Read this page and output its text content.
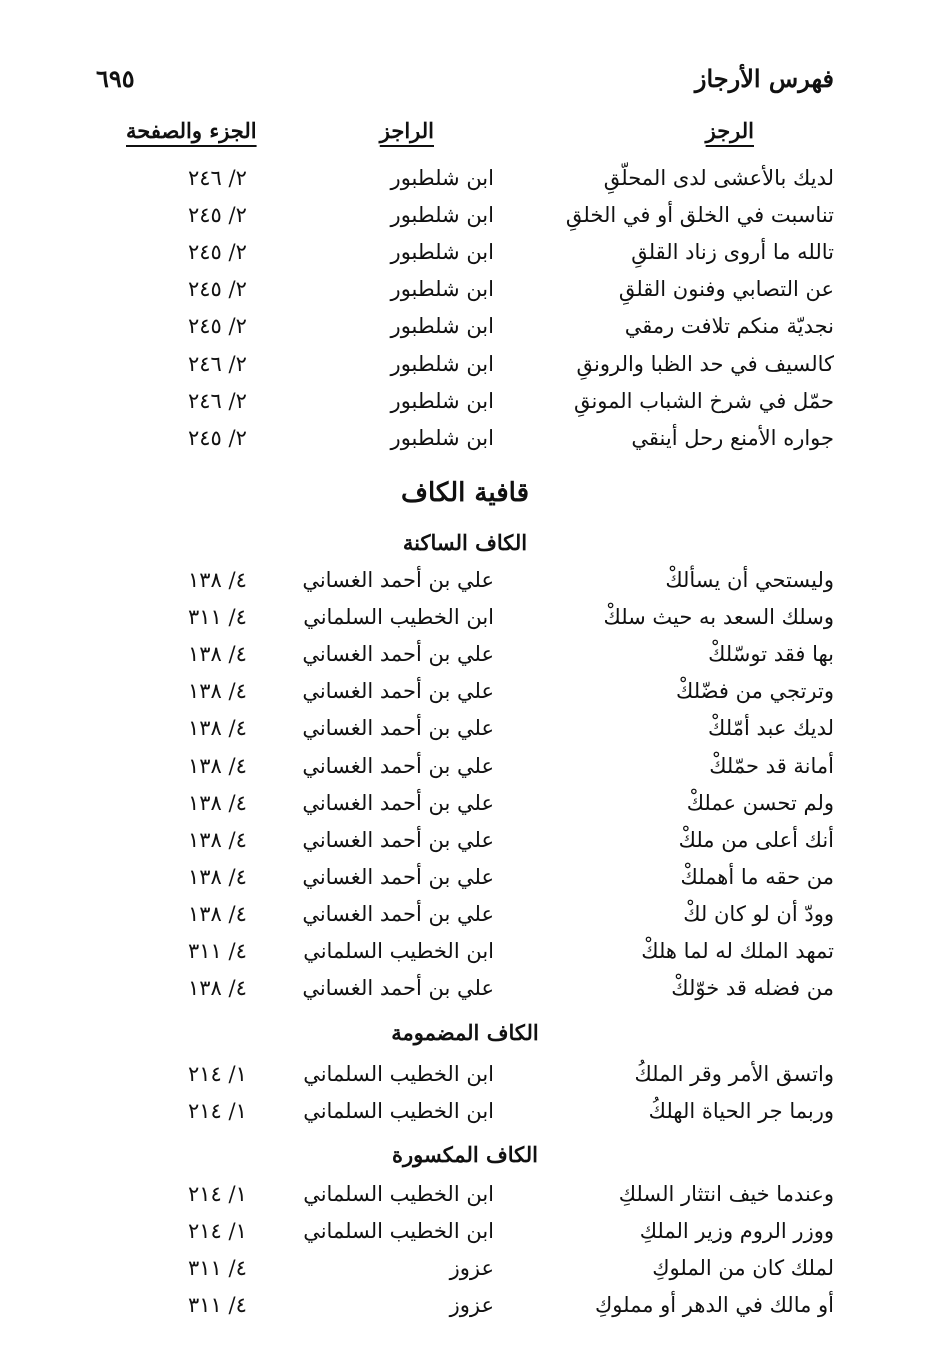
فهرس الأرجاز
٦٩٥
الرجز
الراجز
الجزء والصفحة
لديك بالأعشى لدى المحلّقِ
ابن شلطبور
٢/ ٢٤٦
تناسبت في الخلق أو في الخلقِ
ابن شلطبور
٢/ ٢٤٥
تالله ما أروى زناد القلقِ
ابن شلطبور
٢/ ٢٤٥
عن التصابي وفنون القلقِ
ابن شلطبور
٢/ ٢٤٥
نجديّة منكم تلافت رمقي
ابن شلطبور
٢/ ٢٤٥
كالسيف في حد الظبا والرونقِ
ابن شلطبور
٢/ ٢٤٦
حمّل في شرخ الشباب المونقِ
ابن شلطبور
٢/ ٢٤٦
جواره الأمنع رحل أينقي
ابن شلطبور
٢/ ٢٤٥
قافية الكاف
الكاف الساكنة
وليستحي أن يسألكْ
علي بن أحمد الغساني
٤/ ١٣٨
وسلك السعد به حيث سلكْ
ابن الخطيب السلماني
٤/ ٣١١
بها فقد توسّلكْ
علي بن أحمد الغساني
٤/ ١٣٨
وترتجي من فضّلكْ
علي بن أحمد الغساني
٤/ ١٣٨
لديك عبد أمّلكْ
علي بن أحمد الغساني
٤/ ١٣٨
أمانة قد حمّلكْ
علي بن أحمد الغساني
٤/ ١٣٨
ولم تحسن عملكْ
علي بن أحمد الغساني
٤/ ١٣٨
أنك أعلى من ملكْ
علي بن أحمد الغساني
٤/ ١٣٨
من حقه ما أهملكْ
علي بن أحمد الغساني
٤/ ١٣٨
وودّ أن لو كان لكْ
علي بن أحمد الغساني
٤/ ١٣٨
تمهد الملك له لما هلكْ
ابن الخطيب السلماني
٤/ ٣١١
من فضله قد خوّلكْ
علي بن أحمد الغساني
٤/ ١٣٨
الكاف المضمومة
واتسق الأمر وقر الملكُ
ابن الخطيب السلماني
١/ ٢١٤
وربما جر الحياة الهلكُ
ابن الخطيب السلماني
١/ ٢١٤
الكاف المكسورة
وعندما خيف انتثار السلكِ
ابن الخطيب السلماني
١/ ٢١٤
ووزر الروم وزير الملكِ
ابن الخطيب السلماني
١/ ٢١٤
لملك كان من الملوكِ
عزوز
٤/ ٣١١
أو مالك في الدهر أو مملوكِ
عزوز
٤/ ٣١١
